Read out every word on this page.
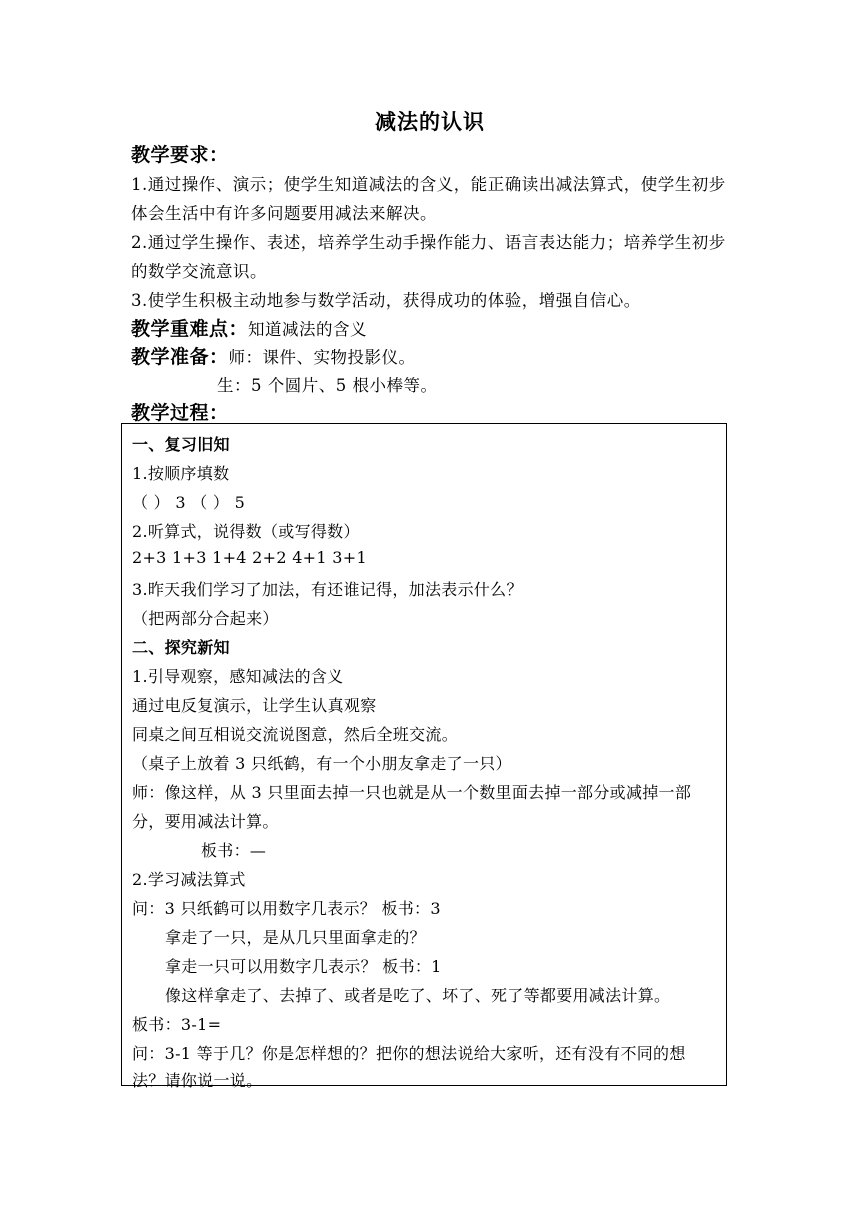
减法的认识
教学要求：
1.通过操作、演示；使学生知道减法的含义，能正确读出减法算式，使学生初步
体会生活中有许多问题要用减法来解决。
2.通过学生操作、表述，培养学生动手操作能力、语言表达能力；培养学生初步
的数学交流意识。
3.使学生积极主动地参与数学活动，获得成功的体验，增强自信心。
教学重难点：知道减法的含义
教学准备：师：课件、实物投影仪。
生：5 个圆片、5 根小棒等。
教学过程：
一、复习旧知
1.按顺序填数
（ ） 3 （ ） 5
2.听算式，说得数（或写得数）
2+3 1+3 1+4 2+2 4+1 3+1
3.昨天我们学习了加法，有还谁记得，加法表示什么？
（把两部分合起来）
二、探究新知
1.引导观察，感知减法的含义
通过电反复演示，让学生认真观察
同桌之间互相说交流说图意，然后全班交流。
（桌子上放着 3 只纸鹤，有一个小朋友拿走了一只）
师：像这样，从 3 只里面去掉一只也就是从一个数里面去掉一部分或减掉一部
分，要用减法计算。
板书：—
2.学习减法算式
问：3 只纸鹤可以用数字几表示？ 板书：3
拿走了一只，是从几只里面拿走的？
拿走一只可以用数字几表示？ 板书：1
像这样拿走了、去掉了、或者是吃了、坏了、死了等都要用减法计算。
板书：3-1=
问：3-1 等于几？你是怎样想的？把你的想法说给大家听，还有没有不同的想
法？请你说一说。
